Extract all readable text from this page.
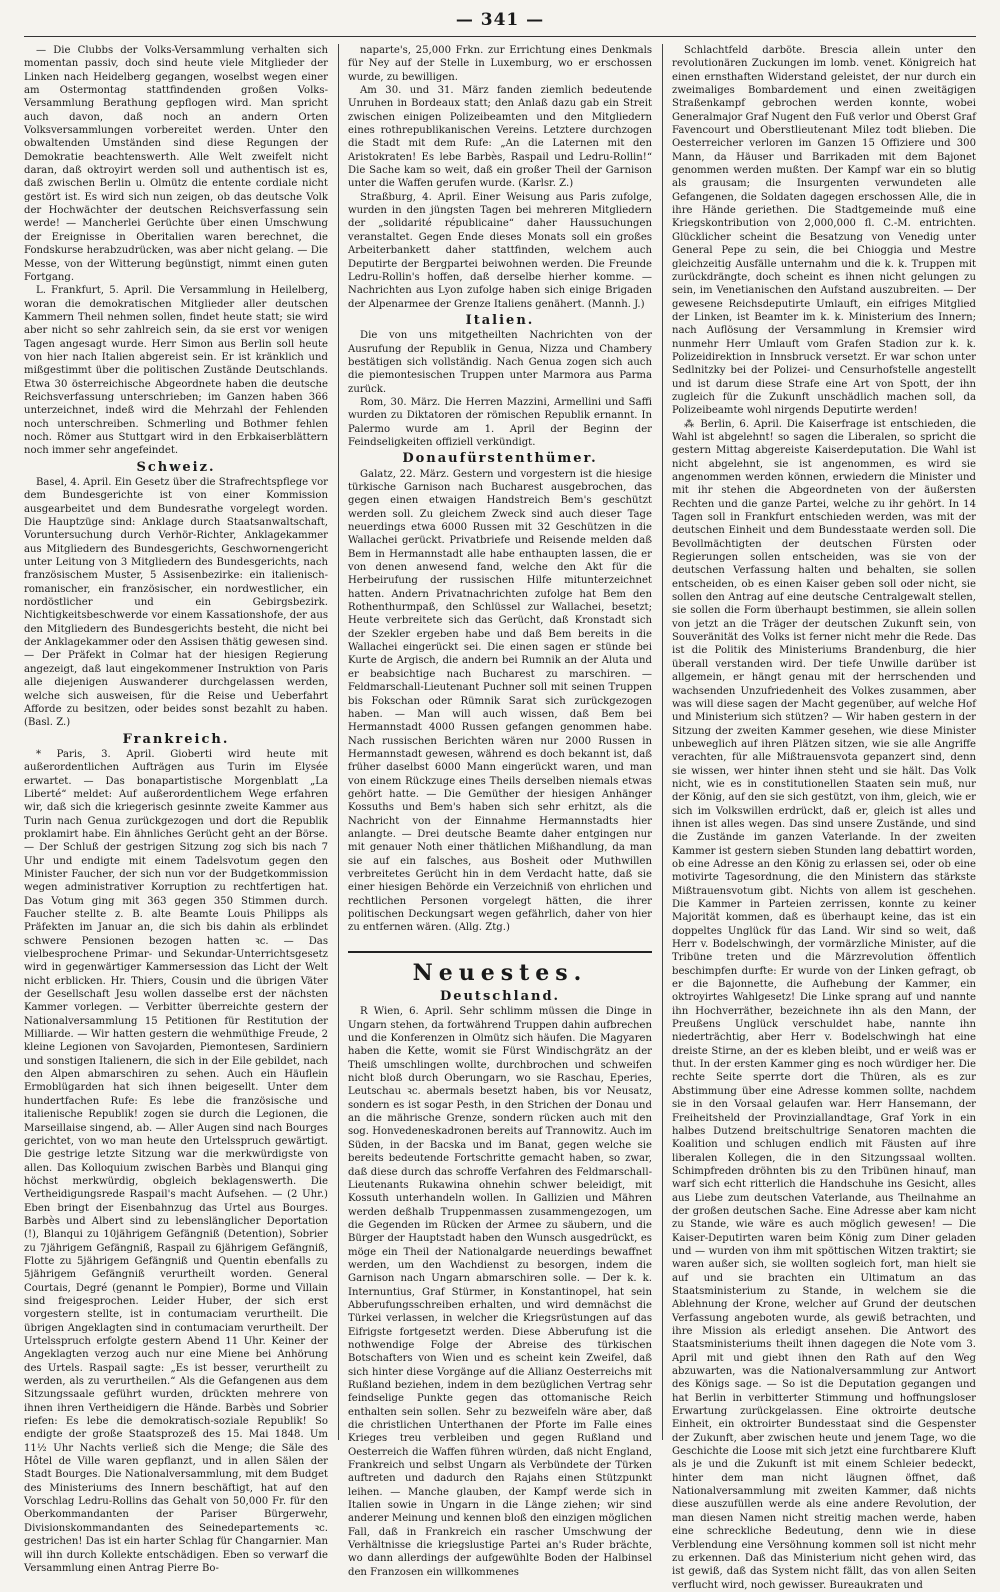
— 341 —

— Die Clubbs der Volks-Versammlung verhalten sich momentan passiv, doch sind heute viele Mitglieder der Linken nach Heidelberg gegangen, woselbst wegen einer am Ostermontag stattfindenden großen Volks-Versammlung Berathung gepflogen wird. Man spricht auch davon, daß noch an andern Orten Volksversammlungen vorbereitet werden. Unter den obwaltenden Umständen sind diese Regungen der Demokratie beachtenswerth. Alle Welt zweifelt nicht daran, daß oktroyirt werden soll und authentisch ist es, daß zwischen Berlin u. Olmütz die entente cordiale nicht gestört ist. Es wird sich nun zeigen, ob das deutsche Volk der Hochwächter der deutschen Reichsverfassung sein werde! — Mancherlei Gerüchte über einen Umschwung der Ereignisse in Oberitalien waren berechnet, die Fondskurse herabzudrücken, was aber nicht gelang. — Die Messe, von der Witterung begünstigt, nimmt einen guten Fortgang.

L. Frankfurt, 5. April. Die Versammlung in Heilelberg, woran die demokratischen Mitglieder aller deutschen Kammern Theil nehmen sollen, findet heute statt; sie wird aber nicht so sehr zahlreich sein, da sie erst vor wenigen Tagen angesagt wurde. Herr Simon aus Berlin soll heute von hier nach Italien abgereist sein. Er ist kränklich und mißgestimmt über die politischen Zustände Deutschlands. Etwa 30 österreichische Abgeordnete haben die deutsche Reichsverfassung unterschrieben; im Ganzen haben 366 unterzeichnet, indeß wird die Mehrzahl der Fehlenden noch unterschreiben. Schmerling und Bothmer fehlen noch. Römer aus Stuttgart wird in den Erbkaiserblättern noch immer sehr angefeindet.

Schweiz.

Basel, 4. April. Ein Gesetz über die Strafrechtspflege vor dem Bundesgerichte ist von einer Kommission ausgearbeitet und dem Bundesrathe vorgelegt worden. Die Hauptzüge sind: Anklage durch Staatsanwaltschaft, Voruntersuchung durch Verhör-Richter, Anklagekammer aus Mitgliedern des Bundesgerichts, Geschwornengericht unter Leitung von 3 Mitgliedern des Bundesgerichts, nach französischem Muster, 5 Assisenbezirke: ein italienisch-romanischer, ein französischer, ein nordwestlicher, ein nordöstlicher und ein Gebirgsbezirk. Nichtigkeitsbeschwerde vor einem Kassationshofe, der aus den Mitgliedern des Bundesgerichts besteht, die nicht bei der Anklagekammer oder den Assisen thätig gewesen sind. — Der Präfekt in Colmar hat der hiesigen Regierung angezeigt, daß laut eingekommener Instruktion von Paris alle diejenigen Auswanderer durchgelassen werden, welche sich ausweisen, für die Reise und Ueberfahrt Afforde zu besitzen, oder beides sonst bezahlt zu haben. (Basl. Z.)

Frankreich.

* Paris, 3. April. Gioberti wird heute mit außerordentlichen Aufträgen aus Turin im Elysée erwartet. — Das bonapartistische Morgenblatt „La Liberté“ meldet: Auf außerordentlichem Wege erfahren wir, daß sich die kriegerisch gesinnte zweite Kammer aus Turin nach Genua zurückgezogen und dort die Republik proklamirt habe. Ein ähnliches Gerücht geht an der Börse. — Der Schluß der gestrigen Sitzung zog sich bis nach 7 Uhr und endigte mit einem Tadelsvotum gegen den Minister Faucher, der sich nun vor der Budgetkommission wegen administrativer Korruption zu rechtfertigen hat. Das Votum ging mit 363 gegen 350 Stimmen durch. Faucher stellte z. B. alte Beamte Louis Philipps als Präfekten im Januar an, die sich bis dahin als erblindet schwere Pensionen bezogen hatten ꝛc. — Das vielbesprochene Primar- und Sekundar-Unterrichtsgesetz wird in gegenwärtiger Kammersession das Licht der Welt nicht erblicken. Hr. Thiers, Cousin und die übrigen Väter der Gesellschaft Jesu wollen dasselbe erst der nächsten Kammer vorlegen. — Verbitter überreichte gestern der Nationalversammlung 15 Petitionen für Restitution der Milliarde. — Wir hatten gestern die wehmüthige Freude, 2 kleine Legionen von Savojarden, Piemontesen, Sardiniern und sonstigen Italienern, die sich in der Eile gebildet, nach den Alpen abmarschiren zu sehen. Auch ein Häuflein Ermoblügarden hat sich ihnen beigesellt. Unter dem hundertfachen Rufe: Es lebe die französische und italienische Republik! zogen sie durch die Legionen, die Marseillaise singend, ab. — Aller Augen sind nach Bourges gerichtet, von wo man heute den Urtelsspruch gewärtigt. Die gestrige letzte Sitzung war die merkwürdigste von allen. Das Kolloquium zwischen Barbès und Blanqui ging höchst merkwürdig, obgleich beklagenswerth. Die Vertheidigungsrede Raspail's macht Aufsehen. — (2 Uhr.) Eben bringt der Eisenbahnzug das Urtel aus Bourges. Barbès und Albert sind zu lebenslänglicher Deportation (!), Blanqui zu 10jährigem Gefängniß (Detention), Sobrier zu 7jährigem Gefängniß, Raspail zu 6jährigem Gefängniß, Flotte zu 5jährigem Gefängniß und Quentin ebenfalls zu 5jährigem Gefängniß verurtheilt worden. General Courtais, Degré (genannt le Pompier), Borme und Villain sind freigesprochen. Leider Huber, der sich erst vorgestern stellte, ist in contumaciam verurtheilt. Die übrigen Angeklagten sind in contumaciam verurtheilt. Der Urtelsspruch erfolgte gestern Abend 11 Uhr. Keiner der Angeklagten verzog auch nur eine Miene bei Anhörung des Urtels. Raspail sagte: „Es ist besser, verurtheilt zu werden, als zu verurtheilen.“ Als die Gefangenen aus dem Sitzungssaale geführt wurden, drückten mehrere von ihnen ihren Vertheidigern die Hände. Barbès und Sobrier riefen: Es lebe die demokratisch-soziale Republik! So endigte der große Staatsprozeß des 15. Mai 1848. Um 11½ Uhr Nachts verließ sich die Menge; die Säle des Hôtel de Ville waren gepflanzt, und in allen Sälen der Stadt Bourges. Die Nationalversammlung, mit dem Budget des Ministeriums des Innern beschäftigt, hat auf den Vorschlag Ledru-Rollins das Gehalt von 50,000 Fr. für den Oberkommandanten der Pariser Bürgerwehr, Divisionskommandanten des Seinedepartements ꝛc. gestrichen! Das ist ein harter Schlag für Changarnier. Man will ihn durch Kollekte entschädigen. Eben so verwarf die Versammlung einen Antrag Pierre Bo-

naparte's, 25,000 Frkn. zur Errichtung eines Denkmals für Ney auf der Stelle in Luxemburg, wo er erschossen wurde, zu bewilligen.

Am 30. und 31. März fanden ziemlich bedeutende Unruhen in Bordeaux statt; den Anlaß dazu gab ein Streit zwischen einigen Polizeibeamten und den Mitgliedern eines rothrepublikanischen Vereins. Letztere durchzogen die Stadt mit dem Rufe: „An die Laternen mit den Aristokraten! Es lebe Barbès, Raspail und Ledru-Rollin!“ Die Sache kam so weit, daß ein großer Theil der Garnison unter die Waffen gerufen wurde. (Karlsr. Z.)

Straßburg, 4. April. Einer Weisung aus Paris zufolge, wurden in den jüngsten Tagen bei mehreren Mitgliedern der „solidarité républicaine“ daher Haussuchungen veranstaltet. Gegen Ende dieses Monats soll ein großes Arbeiterbankett daher stattfinden, welchem auch Deputirte der Bergpartei beiwohnen werden. Die Freunde Ledru-Rollin's hoffen, daß derselbe hierher komme. — Nachrichten aus Lyon zufolge haben sich einige Brigaden der Alpenarmee der Grenze Italiens genähert. (Mannh. J.)

Italien.

Die von uns mitgetheilten Nachrichten von der Ausrufung der Republik in Genua, Nizza und Chambery bestätigen sich vollständig. Nach Genua zogen sich auch die piemontesischen Truppen unter Marmora aus Parma zurück.

Rom, 30. März. Die Herren Mazzini, Armellini und Saffi wurden zu Diktatoren der römischen Republik ernannt. In Palermo wurde am 1. April der Beginn der Feindseligkeiten offiziell verkündigt.

Donaufürstenthümer.

Galatz, 22. März. Gestern und vorgestern ist die hiesige türkische Garnison nach Bucharest ausgebrochen, das gegen einen etwaigen Handstreich Bem's geschützt werden soll. Zu gleichem Zweck sind auch dieser Tage neuerdings etwa 6000 Russen mit 32 Geschützen in die Wallachei gerückt. Privatbriefe und Reisende melden daß Bem in Hermannstadt alle habe enthaupten lassen, die er von denen anwesend fand, welche den Akt für die Herbeirufung der russischen Hilfe mitunterzeichnet hatten. Andern Privatnachrichten zufolge hat Bem den Rothenthurmpaß, den Schlüssel zur Wallachei, besetzt; Heute verbreitete sich das Gerücht, daß Kronstadt sich der Szekler ergeben habe und daß Bem bereits in die Wallachei eingerückt sei. Die einen sagen er stünde bei Kurte de Argisch, die andern bei Rumnik an der Aluta und er beabsichtige nach Bucharest zu marschiren. — Feldmarschall-Lieutenant Puchner soll mit seinen Truppen bis Fokschan oder Rümnik Sarat sich zurückgezogen haben. — Man will auch wissen, daß Bem bei Hermannstadt 4000 Russen gefangen genommen habe. Nach russischen Berichten wären nur 2000 Russen in Hermannstadt gewesen, während es doch bekannt ist, daß früher daselbst 6000 Mann eingerückt waren, und man von einem Rückzuge eines Theils derselben niemals etwas gehört hatte. — Die Gemüther der hiesigen Anhänger Kossuths und Bem's haben sich sehr erhitzt, als die Nachricht von der Einnahme Hermannstadts hier anlangte. — Drei deutsche Beamte daher entgingen nur mit genauer Noth einer thätlichen Mißhandlung, da man sie auf ein falsches, aus Bosheit oder Muthwillen verbreitetes Gerücht hin in dem Verdacht hatte, daß sie einer hiesigen Behörde ein Verzeichniß von ehrlichen und rechtlichen Personen vorgelegt hätten, die ihrer politischen Deckungsart wegen gefährlich, daher von hier zu entfernen wären. (Allg. Ztg.)

Neuestes.
Deutschland.

R Wien, 6. April. Sehr schlimm müssen die Dinge in Ungarn stehen, da fortwährend Truppen dahin aufbrechen und die Konferenzen in Olmütz sich häufen. Die Magyaren haben die Kette, womit sie Fürst Windischgrätz an der Theiß umschlingen wollte, durchbrochen und schweifen nicht bloß durch Oberungarn, wo sie Raschau, Eperies, Leutschau ꝛc. abermals besetzt haben, bis vor Neusatz, sondern es ist sogar Pesth, in den Strichen der Donau und an die mährische Grenze, sondern rücken auch mit den sog. Honvedeneskadronen bereits auf Trannowitz. Auch im Süden, in der Bacska und im Banat, gegen welche sie bereits bedeutende Fortschritte gemacht haben, so zwar, daß diese durch das schroffe Verfahren des Feldmarschall-Lieutenants Rukawina ohnehin schwer beleidigt, mit Kossuth unterhandeln wollen. In Gallizien und Mähren werden deßhalb Truppenmassen zusammengezogen, um die Gegenden im Rücken der Armee zu säubern, und die Bürger der Hauptstadt haben den Wunsch ausgedrückt, es möge ein Theil der Nationalgarde neuerdings bewaffnet werden, um den Wachdienst zu besorgen, indem die Garnison nach Ungarn abmarschiren solle. — Der k. k. Internuntius, Graf Stürmer, in Konstantinopel, hat sein Abberufungsschreiben erhalten, und wird demnächst die Türkei verlassen, in welcher die Kriegsrüstungen auf das Eifrigste fortgesetzt werden. Diese Abberufung ist die nothwendige Folge der Abreise des türkischen Botschafters von Wien und es scheint kein Zweifel, daß sich hinter diese Vorgänge auf die Allianz Oesterreichs mit Rußland beziehen, indem in dem bezüglichen Vertrag sehr feindselige Punkte gegen das ottomanische Reich enthalten sein sollen. Sehr zu bezweifeln wäre aber, daß die christlichen Unterthanen der Pforte im Falle eines Krieges treu verbleiben und gegen Rußland und Oesterreich die Waffen führen würden, daß nicht England, Frankreich und selbst Ungarn als Verbündete der Türken auftreten und dadurch den Rajahs einen Stützpunkt leihen. — Manche glauben, der Kampf werde sich in Italien sowie in Ungarn in die Länge ziehen; wir sind anderer Meinung und kennen bloß den einzigen möglichen Fall, daß in Frankreich ein rascher Umschwung der Verhältnisse die kriegslustige Partei an's Ruder brächte, wo dann allerdings der aufgewühlte Boden der Halbinsel den Franzosen ein willkommenes

Schlachtfeld darböte. Brescia allein unter den revolutionären Zuckungen im lomb. venet. Königreich hat einen ernsthaften Widerstand geleistet, der nur durch ein zweimaliges Bombardement und einen zweitägigen Straßenkampf gebrochen werden konnte, wobei Generalmajor Graf Nugent den Fuß verlor und Oberst Graf Favencourt und Oberstlieutenant Milez todt blieben. Die Oesterreicher verloren im Ganzen 15 Offiziere und 300 Mann, da Häuser und Barrikaden mit dem Bajonet genommen werden mußten. Der Kampf war ein so blutig als grausam; die Insurgenten verwundeten alle Gefangenen, die Soldaten dagegen erschossen Alle, die in ihre Hände geriethen. Die Stadtgemeinde muß eine Kriegskontribution von 2,000,000 fl. C.-M. entrichten. Glücklicher scheint die Besatzung von Venedig unter General Pepe zu sein, die bei Chioggia und Mestre gleichzeitig Ausfälle unternahm und die k. k. Truppen mit zurückdrängte, doch scheint es ihnen nicht gelungen zu sein, im Venetianischen den Aufstand auszubreiten. — Der gewesene Reichsdeputirte Umlauft, ein eifriges Mitglied der Linken, ist Beamter im k. k. Ministerium des Innern; nach Auflösung der Versammlung in Kremsier wird nunmehr Herr Umlauft vom Grafen Stadion zur k. k. Polizeidirektion in Innsbruck versetzt. Er war schon unter Sedlnitzky bei der Polizei- und Censurhofstelle angestellt und ist darum diese Strafe eine Art von Spott, der ihn zugleich für die Zukunft unschädlich machen soll, da Polizeibeamte wohl nirgends Deputirte werden!

⁂ Berlin, 6. April. Die Kaiserfrage ist entschieden, die Wahl ist abgelehnt! so sagen die Liberalen, so spricht die gestern Mittag abgereiste Kaiserdeputation. Die Wahl ist nicht abgelehnt, sie ist angenommen, es wird sie angenommen werden können, erwiedern die Minister und mit ihr stehen die Abgeordneten von der äußersten Rechten und die ganze Partei, welche zu ihr gehört. In 14 Tagen soll in Frankfurt entschieden werden, was mit der deutschen Einheit und dem Bundesstaate werden soll. Die Bevollmächtigten der deutschen Fürsten oder Regierungen sollen entscheiden, was sie von der deutschen Verfassung halten und behalten, sie sollen entscheiden, ob es einen Kaiser geben soll oder nicht, sie sollen den Antrag auf eine deutsche Centralgewalt stellen, sie sollen die Form überhaupt bestimmen, sie allein sollen von jetzt an die Träger der deutschen Zukunft sein, von Souveränität des Volks ist ferner nicht mehr die Rede. Das ist die Politik des Ministeriums Brandenburg, die hier überall verstanden wird. Der tiefe Unwille darüber ist allgemein, er hängt genau mit der herrschenden und wachsenden Unzufriedenheit des Volkes zusammen, aber was will diese sagen der Macht gegenüber, auf welche Hof und Ministerium sich stützen? — Wir haben gestern in der Sitzung der zweiten Kammer gesehen, wie diese Minister unbeweglich auf ihren Plätzen sitzen, wie sie alle Angriffe verachten, für alle Mißtrauensvota gepanzert sind, denn sie wissen, wer hinter ihnen steht und sie hält. Das Volk nicht, wie es in constitutionellen Staaten sein muß, nur der König, auf den sie sich gestützt, von ihm, gleich, wie er sich im Volkswillen erdrückt, daß er, gleich ist alles und ihnen ist alles wegen. Das sind unsere Zustände, und sind die Zustände im ganzen Vaterlande. In der zweiten Kammer ist gestern sieben Stunden lang debattirt worden, ob eine Adresse an den König zu erlassen sei, oder ob eine motivirte Tagesordnung, die den Ministern das stärkste Mißtrauensvotum gibt. Nichts von allem ist geschehen. Die Kammer in Parteien zerrissen, konnte zu keiner Majorität kommen, daß es überhaupt keine, das ist ein doppeltes Unglück für das Land. Wir sind so weit, daß Herr v. Bodelschwingh, der vormärzliche Minister, auf die Tribüne treten und die Märzrevolution öffentlich beschimpfen durfte: Er wurde von der Linken gefragt, ob er die Bajonnette, die Aufhebung der Kammer, ein oktroyirtes Wahlgesetz! Die Linke sprang auf und nannte ihn Hochverräther, bezeichnete ihn als den Mann, der Preußens Unglück verschuldet habe, nannte ihn niederträchtig, aber Herr v. Bodelschwingh hat eine dreiste Stirne, an der es kleben bleibt, und er weiß was er thut. In der ersten Kammer ging es noch würdiger her. Die rechte Seite sperrte dort die Thüren, als es zur Abstimmung über eine Adresse kommen sollte, nachdem sie in den Vorsaal gelaufen war. Herr Hansemann, der Freiheitsheld der Provinziallandtage, Graf York in ein halbes Dutzend breitschultrige Senatoren machten die Koalition und schlugen endlich mit Fäusten auf ihre liberalen Kollegen, die in den Sitzungssaal wollten. Schimpfreden dröhnten bis zu den Tribünen hinauf, man warf sich echt ritterlich die Handschuhe ins Gesicht, alles aus Liebe zum deutschen Vaterlande, aus Theilnahme an der großen deutschen Sache. Eine Adresse aber kam nicht zu Stande, wie wäre es auch möglich gewesen! — Die Kaiser-Deputirten waren beim König zum Diner geladen und — wurden von ihm mit spöttischen Witzen traktirt; sie waren außer sich, sie wollten sogleich fort, man hielt sie auf und sie brachten ein Ultimatum an das Staatsministerium zu Stande, in welchem sie die Ablehnung der Krone, welcher auf Grund der deutschen Verfassung angeboten wurde, als gewiß betrachten, und ihre Mission als erledigt ansehen. Die Antwort des Staatsministeriums theilt ihnen dagegen die Note vom 3. April mit und giebt ihnen den Rath auf den Weg abzuwarten, was die Nationalversammlung zur Antwort des Königs sage. — So ist die Deputation gegangen und hat Berlin in verbitterter Stimmung und hoffnungsloser Erwartung zurückgelassen. Eine oktroirte deutsche Einheit, ein oktroirter Bundesstaat sind die Gespenster der Zukunft, aber zwischen heute und jenem Tage, wo die Geschichte die Loose mit sich jetzt eine furchtbarere Kluft als je und die Zukunft ist mit einem Schleier bedeckt, hinter dem man nicht läugnen öffnet, daß Nationalversammlung mit zweiten Kammer, daß nichts diese auszufüllen werde als eine andere Revolution, der man diesen Namen nicht streitig machen werde, haben eine schreckliche Bedeutung, denn wie in diese Verblendung eine Versöhnung kommen soll ist nicht mehr zu erkennen. Daß das Ministerium nicht gehen wird, das ist gewiß, daß das System nicht fällt, das von allen Seiten verflucht wird, noch gewisser. Bureaukraten und
